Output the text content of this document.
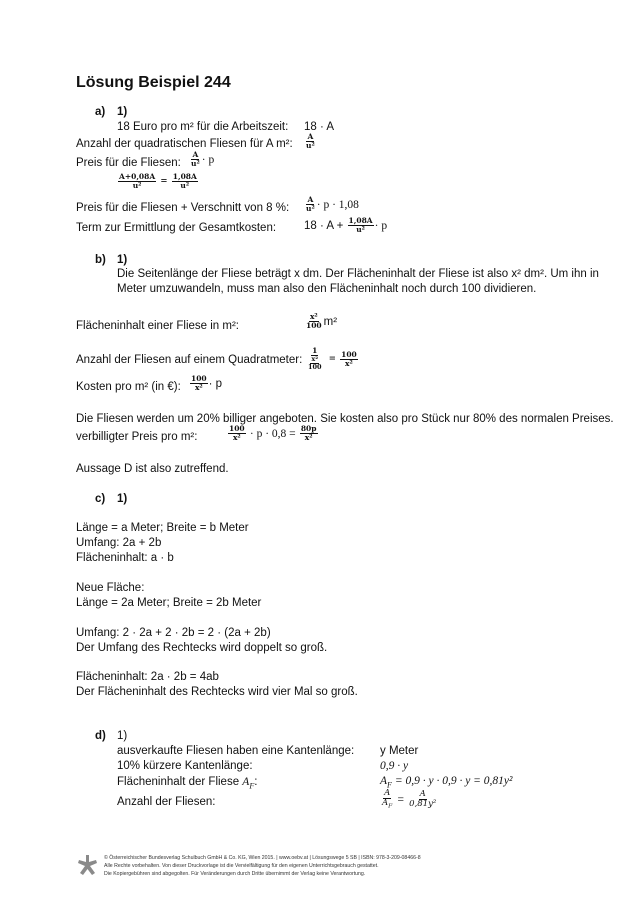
Lösung Beispiel 244
a) 1)
18 Euro pro m² für die Arbeitszeit: 18 · A
Anzahl der quadratischen Fliesen für A m²: $\frac{A}{\text{u²}}$
Preis für die Fliesen: $\frac{A}{\text{u²}} \cdot p$
$\frac{A+0,08A}{\text{u²}} = \frac{1,08A}{\text{u²}}$
Preis für die Fliesen + Verschnitt von 8 %: $\frac{A}{\text{u²}} \cdot p \cdot 1,08$
Term zur Ermittlung der Gesamtkosten: $18 \cdot A + \frac{1,08A}{\text{u²}} \cdot p$
b) 1)
Die Seitenlänge der Fliese beträgt x dm. Der Flächeninhalt der Fliese ist also x² dm². Um ihn in
Meter umzuwandeln, muss man also den Flächeninhalt noch durch 100 dividieren.
Flächeninhalt einer Fliese in m²:	$\frac{\text{x²}}{100} m^2$
Anzahl der Fliesen auf einem Quadratmeter: $\frac{1}{\frac{\text{x²}}{100}} = \frac{100}{\text{x²}}$
Kosten pro m² (in €): $\frac{100}{\text{x²}} \cdot p$
Die Fliesen werden um 20% billiger angeboten. Sie kosten also pro Stück nur 80% des normalen Preises.
verbilligter Preis pro m²:	$\frac{100}{\text{x²}} \cdot p \cdot 0,8 = \frac{80p}{\text{x²}}$
Aussage D ist also zutreffend.
c) 1)
Länge = a Meter; Breite = b Meter
Umfang: 2a + 2b
Flächeninhalt: a · b
Neue Fläche:
Länge = 2a Meter; Breite = 2b Meter
Umfang: 2 · 2a + 2 · 2b = 2 · (2a + 2b)
Der Umfang des Rechtecks wird doppelt so groß.
Flächeninhalt: 2a · 2b = 4ab
Der Flächeninhalt des Rechtecks wird vier Mal so groß.
d) 1)
ausverkaufte Fliesen haben eine Kantenlänge: y Meter
10% kürzere Kantenlänge:	0,9 · y
Flächeninhalt der Fliese $A_F$:	$A_F = 0,9 \cdot y \cdot 0,9 \cdot y = 0,81y^2$
Anzahl der Fliesen:	$\frac{A}{A_F} = \frac{A}{\text{0,81y²}}$
© Österreichischer Bundesverlag Schulbuch GmbH & Co. KG, Wien 2015. | www.oebv.at | Lösungswege 5 SB | ISBN: 978-3-209-08466-8
Alle Rechte vorbehalten. Von dieser Druckvorlage ist die Vervielfältigung für den eigenen Unterrichtsgebrauch gestattet.
Die Kopiergebühren sind abgegolten. Für Veränderungen durch Dritte übernimmt der Verlag keine Verantwortung.
